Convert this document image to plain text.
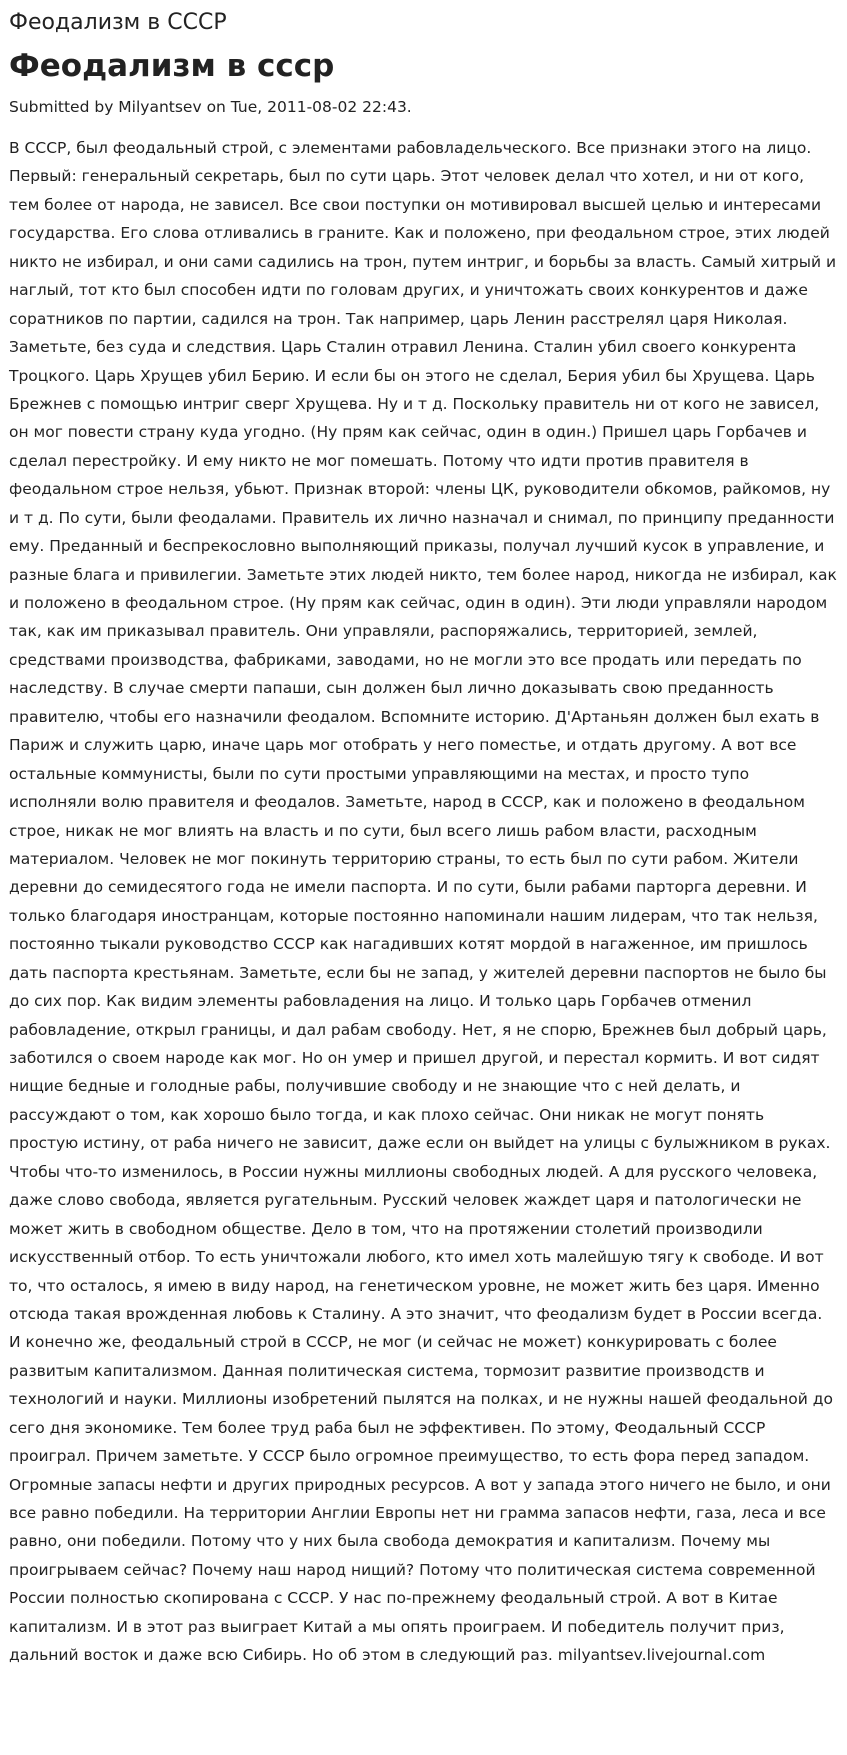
Феодализм в СССР
Феодализм в ссср
Submitted by Milyantsev on Tue, 2011-08-02 22:43.

В СССР, был феодальный строй, с элементами рабовладельческого. Все признаки этого на лицо. Первый: генеральный секретарь, был по сути царь. Этот человек делал что хотел, и ни от кого, тем более от народа, не зависел. Все свои поступки он мотивировал высшей целью и интересами государства. Его слова отливались в граните. Как и положено, при феодальном строе, этих людей никто не избирал, и они сами садились на трон, путем интриг, и борьбы за власть. Самый хитрый и наглый, тот кто был способен идти по головам других, и уничтожать своих конкурентов и даже соратников по партии, садился на трон. Так например, царь Ленин расстрелял царя Николая. Заметьте, без суда и следствия. Царь Сталин отравил Ленина. Сталин убил своего конкурента Троцкого. Царь Хрущев убил Берию. И если бы он этого не сделал, Берия убил бы Хрущева. Царь Брежнев с помощью интриг сверг Хрущева. Ну и т д. Поскольку правитель ни от кого не зависел, он мог повести страну куда угодно. (Ну прям как сейчас, один в один.) Пришел царь Горбачев и сделал перестройку. И ему никто не мог помешать. Потому что идти против правителя в феодальном строе нельзя, убьют. Признак второй: члены ЦК, руководители обкомов, райкомов, ну и т д. По сути, были феодалами. Правитель их лично назначал и снимал, по принципу преданности ему. Преданный и беспрекословно выполняющий приказы, получал лучший кусок в управление, и разные блага и привилегии. Заметьте этих людей никто, тем более народ, никогда не избирал, как и положено в феодальном строе. (Ну прям как сейчас, один в один). Эти люди управляли народом так, как им приказывал правитель. Они управляли, распоряжались, территорией, землей, средствами производства, фабриками, заводами, но не могли это все продать или передать по наследству. В случае смерти папаши, сын должен был лично доказывать свою преданность правителю, чтобы его назначили феодалом. Вспомните историю. Д'Артаньян должен был ехать в Париж и служить царю, иначе царь мог отобрать у него поместье, и отдать другому. А вот все остальные коммунисты, были по сути простыми управляющими на местах, и просто тупо исполняли волю правителя и феодалов. Заметьте, народ в СССР, как и положено в феодальном строе, никак не мог влиять на власть и по сути, был всего лишь рабом власти, расходным материалом. Человек не мог покинуть территорию страны, то есть был по сути рабом. Жители деревни до семидесятого года не имели паспорта. И по сути, были рабами парторга деревни. И только благодаря иностранцам, которые постоянно напоминали нашим лидерам, что так нельзя, постоянно тыкали руководство СССР как нагадивших котят мордой в нагаженное, им пришлось дать паспорта крестьянам. Заметьте, если бы не запад, у жителей деревни паспортов не было бы до сих пор. Как видим элементы рабовладения на лицо. И только царь Горбачев отменил рабовладение, открыл границы, и дал рабам свободу. Нет, я не спорю, Брежнев был добрый царь, заботился о своем народе как мог. Но он умер и пришел другой, и перестал кормить. И вот сидят нищие бедные и голодные рабы, получившие свободу и не знающие что с ней делать, и рассуждают о том, как хорошо было тогда, и как плохо сейчас. Они никак не могут понять простую истину, от раба ничего не зависит, даже если он выйдет на улицы с булыжником в руках. Чтобы что-то изменилось, в России нужны миллионы свободных людей. А для русского человека, даже слово свобода, является ругательным. Русский человек жаждет царя и патологически не может жить в свободном обществе. Дело в том, что на протяжении столетий производили искусственный отбор. То есть уничтожали любого, кто имел хоть малейшую тягу к свободе. И вот то, что осталось, я имею в виду народ, на генетическом уровне, не может жить без царя. Именно отсюда такая врожденная любовь к Сталину. А это значит, что феодализм будет в России всегда. И конечно же, феодальный строй в СССР, не мог (и сейчас не может) конкурировать с более развитым капитализмом. Данная политическая система, тормозит развитие производств и технологий и науки. Миллионы изобретений пылятся на полках, и не нужны нашей феодальной до сего дня экономике. Тем более труд раба был не эффективен. По этому, Феодальный СССР проиграл. Причем заметьте. У СССР было огромное преимущество, то есть фора перед западом. Огромные запасы нефти и других природных ресурсов. А вот у запада этого ничего не было, и они все равно победили. На территории Англии Европы нет ни грамма запасов нефти, газа, леса и все равно, они победили. Потому что у них была свобода демократия и капитализм. Почему мы проигрываем сейчас? Почему наш народ нищий? Потому что политическая система современной России полностью скопирована с СССР. У нас по-прежнему феодальный строй. А вот в Китае капитализм. И в этот раз выиграет Китай а мы опять проиграем. И победитель получит приз, дальний восток и даже всю Сибирь. Но об этом в следующий раз. milyantsev.livejournal.com
